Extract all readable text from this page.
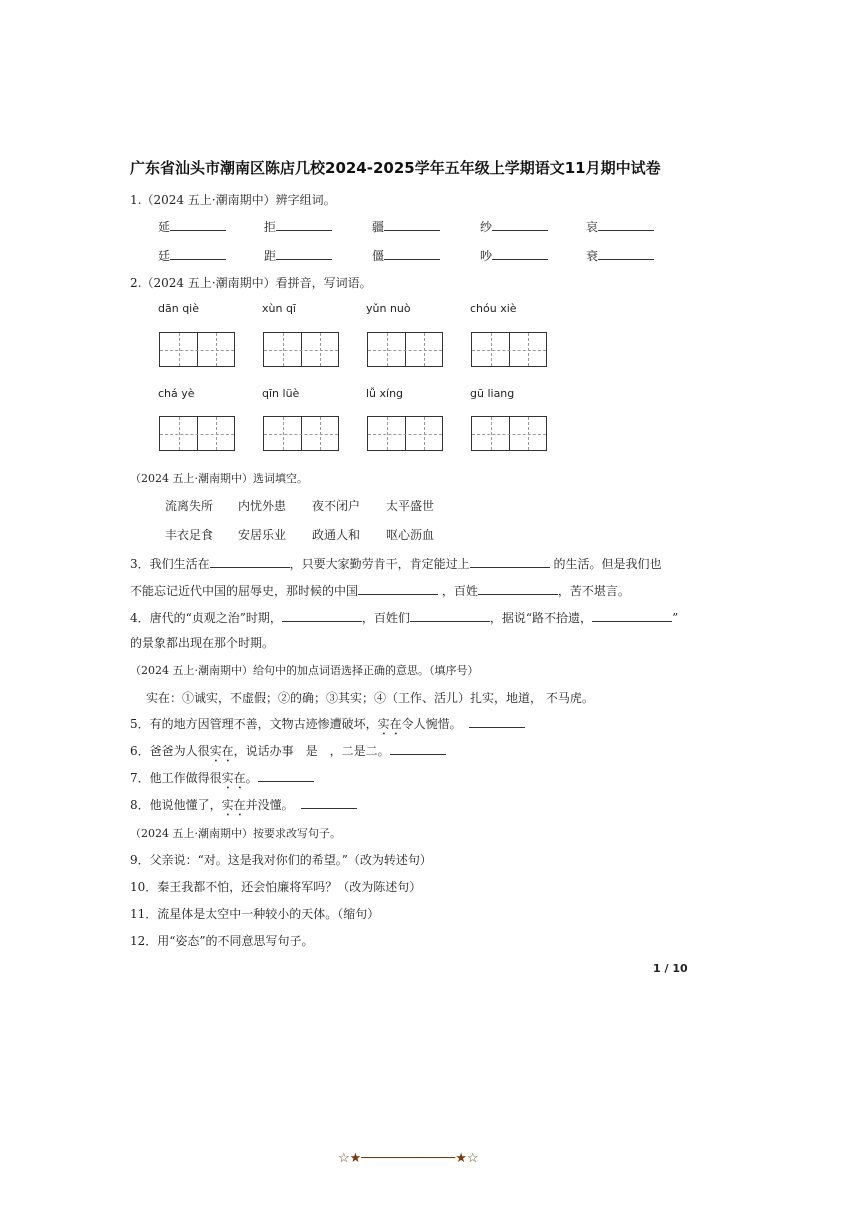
广东省汕头市潮南区陈店几校2024-2025学年五年级上学期语文11月期中试卷
1.（2024 五上·潮南期中）辨字组词。
延	拒	疆	纱	哀
廷	距	僵	吵	衰
2.（2024 五上·潮南期中）看拼音，写词语。
dān qiè	xùn qī	yǔn nuò	chóu xiè
chá yè	qīn lüè	lǚ xíng	gū liang
（2024 五上·潮南期中）选词填空。
流离失所 内忧外患 夜不闭户 太平盛世
丰衣足食 安居乐业 政通人和 呕心沥血
3．我们生活在	，只要大家勤劳肯干，肯定能过上	的生活。但是我们也
不能忘记近代中国的屈辱史，那时候的中国	，百姓	，苦不堪言。
4．唐代的“贞观之治”时期，	，百姓们	，据说“路不拾遗，	”
的景象都出现在那个时期。
（2024 五上·潮南期中）给句中的加点词语选择正确的意思。（填序号）
实在：①诚实，不虚假；②的确；③其实；④（工作、活儿）扎实，地道， 不马虎。
5．有的地方因管理不善，文物古迹惨遭破坏，实在令人惋惜。
6．爸爸为人很实在，说话办事　是　，二是二。
7．他工作做得很实在。
8．他说他懂了，实在并没懂。
（2024 五上·潮南期中）按要求改写句子。
9．父亲说：“对。这是我对你们的希望。”（改为转述句）
10．秦王我都不怕，还会怕廉将军吗？（改为陈述句）
11．流星体是太空中一种较小的天体。（缩句）
12．用“姿态”的不同意思写句子。
1 / 10
☆★────────────★☆
